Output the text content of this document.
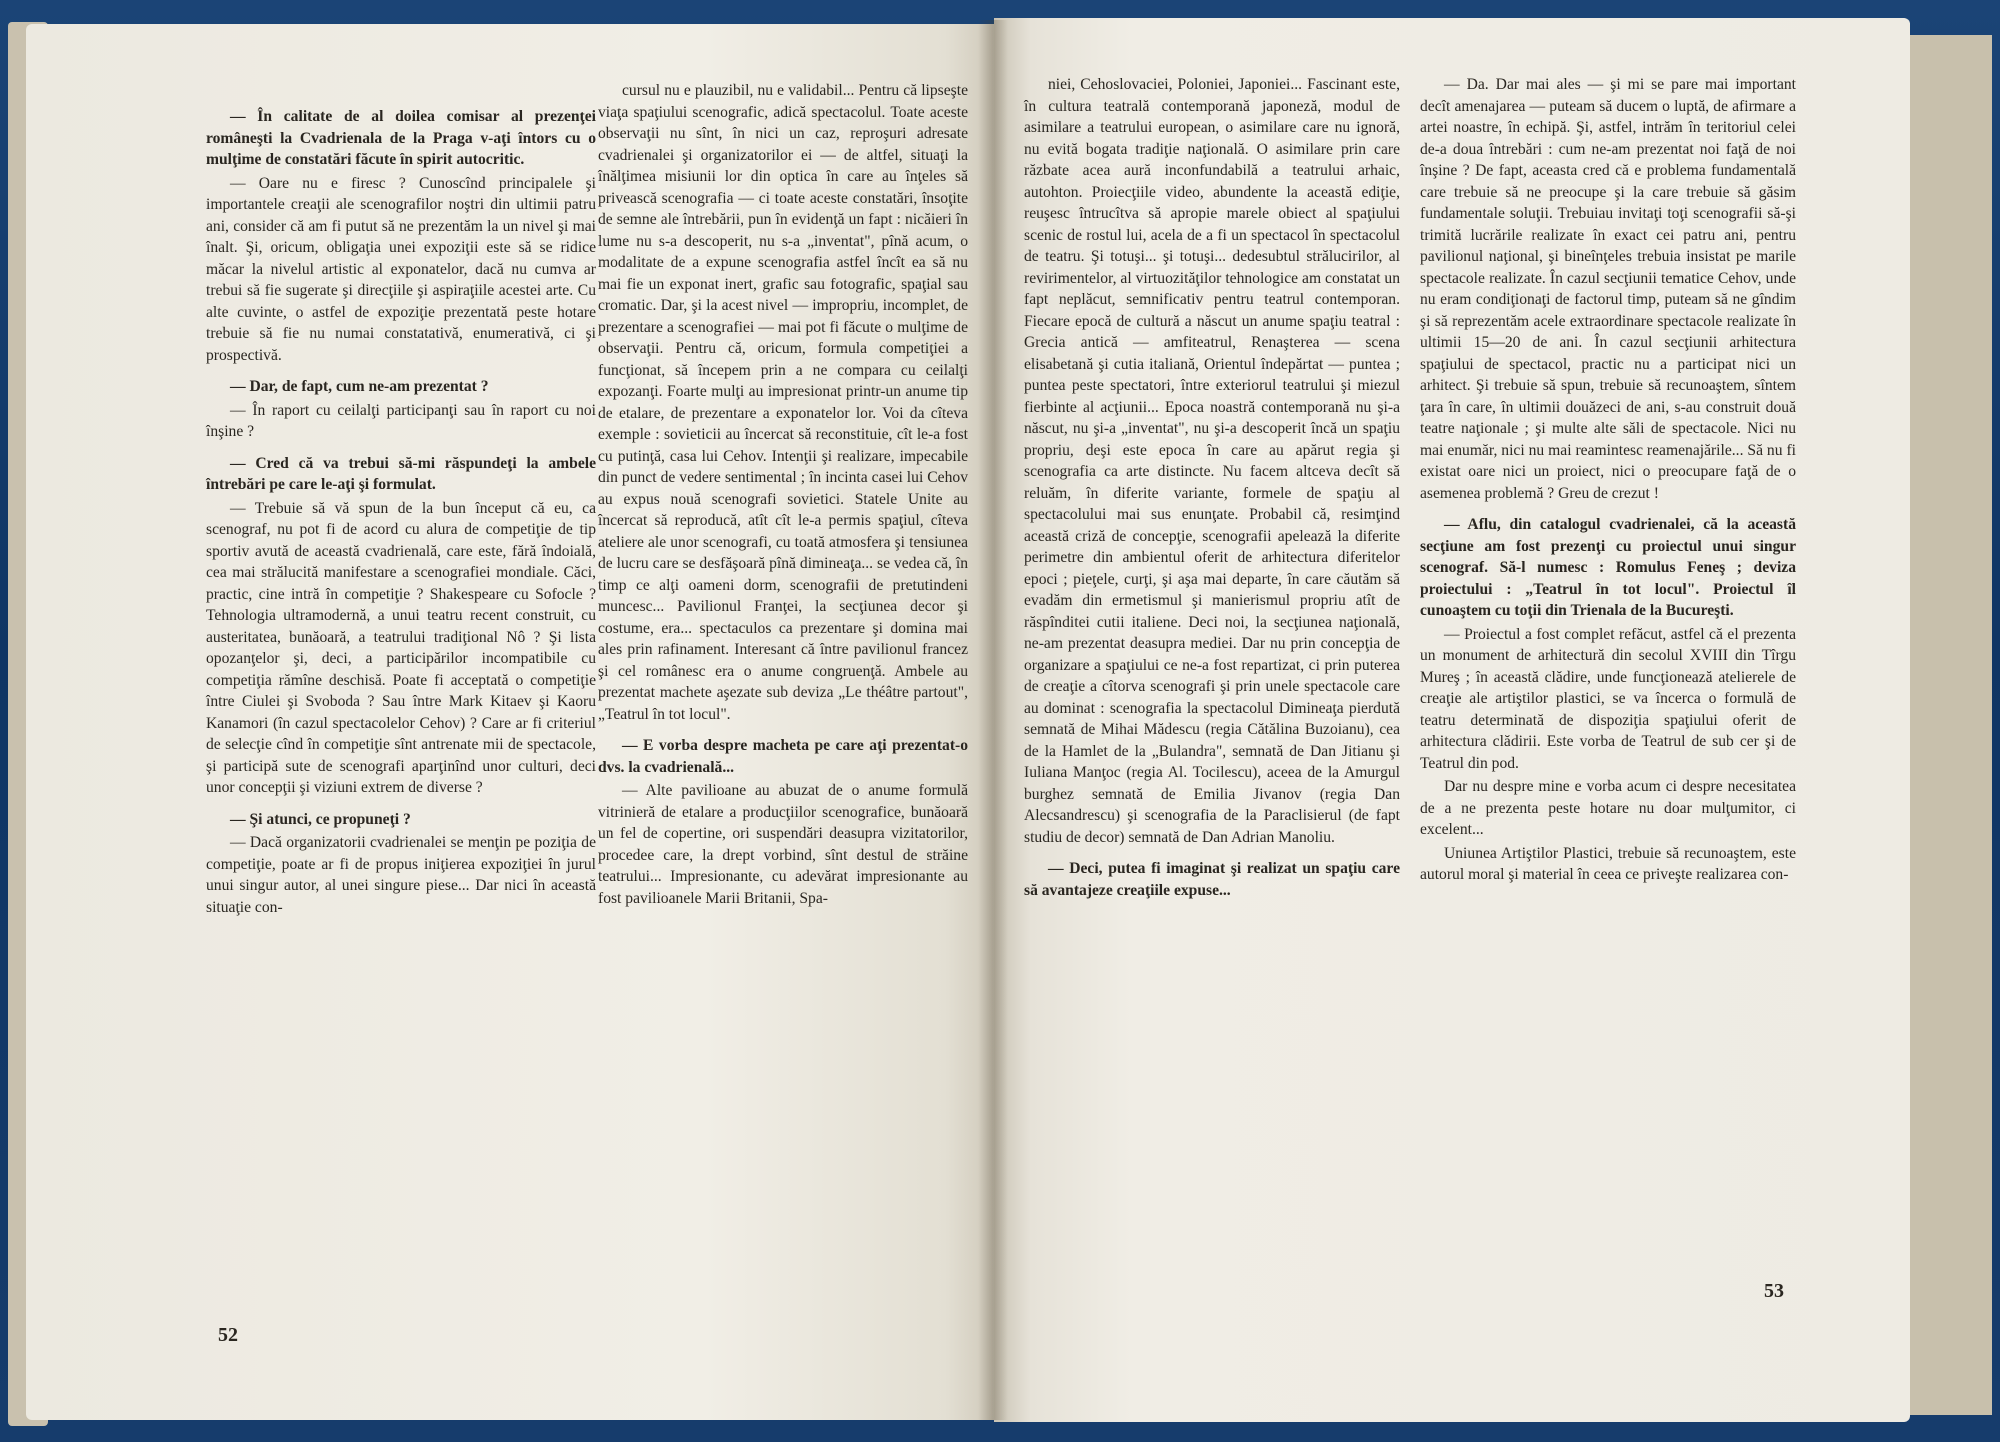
— În calitate de al doilea comisar al prezenţei româneşti la Cvadrienala de la Praga v-aţi întors cu o mulţime de constatări făcute în spirit autocritic.

— Oare nu e firesc ? Cunoscînd principalele şi importantele creaţii ale scenografilor noştri din ultimii patru ani, consider că am fi putut să ne prezentăm la un nivel şi mai înalt. Şi, oricum, obligaţia unei expoziţii este să se ridice măcar la nivelul artistic al exponatelor, dacă nu cumva ar trebui să fie sugerate şi direcţiile şi aspiraţiile acestei arte. Cu alte cuvinte, o astfel de expoziţie prezentată peste hotare trebuie să fie nu numai constatativă, enumerativă, ci şi prospectivă.

— Dar, de fapt, cum ne-am prezentat ?

— În raport cu ceilalţi participanţi sau în raport cu noi înşine ?

— Cred că va trebui să-mi răspundeţi la ambele întrebări pe care le-aţi şi formulat.

— Trebuie să vă spun de la bun început că eu, ca scenograf, nu pot fi de acord cu alura de competiţie de tip sportiv avută de această cvadrienală, care este, fără îndoială, cea mai strălucită manifestare a scenografiei mondiale. Căci, practic, cine intră în competiţie ? Shakespeare cu Sofocle ? Tehnologia ultramodernă, a unui teatru recent construit, cu austeritatea, bunăoară, a teatrului tradiţional Nô ? Şi lista opozanţelor şi, deci, a participărilor incompatibile cu competiţia rămîne deschisă. Poate fi acceptată o competiţie între Ciulei şi Svoboda ? Sau între Mark Kitaev şi Kaoru Kanamori (în cazul spectacolelor Cehov) ? Care ar fi criteriul de selecţie cînd în competiţie sînt antrenate mii de spectacole, şi participă sute de scenografi aparţinînd unor culturi, deci unor concepţii şi viziuni extrem de diverse ?

— Şi atunci, ce propuneţi ?

— Dacă organizatorii cvadrienalei se menţin pe poziţia de competiţie, poate ar fi de propus iniţierea expoziţiei în jurul unui singur autor, al unei singure piese... Dar nici în această situaţie con-

cursul nu e plauzibil, nu e validabil... Pentru că lipseşte viaţa spaţiului scenografic, adică spectacolul. Toate aceste observaţii nu sînt, în nici un caz, reproşuri adresate cvadrienalei şi organizatorilor ei — de altfel, situaţi la înălţimea misiunii lor din optica în care au înţeles să privească scenografia — ci toate aceste constatări, însoţite de semne ale întrebării, pun în evidenţă un fapt : nicăieri în lume nu s-a descoperit, nu s-a „inventat", pînă acum, o modalitate de a expune scenografia astfel încît ea să nu mai fie un exponat inert, grafic sau fotografic, spaţial sau cromatic. Dar, şi la acest nivel — impropriu, incomplet, de prezentare a scenografiei — mai pot fi făcute o mulţime de observaţii. Pentru că, oricum, formula competiţiei a funcţionat, să începem prin a ne compara cu ceilalţi expozanţi. Foarte mulţi au impresionat printr-un anume tip de etalare, de prezentare a exponatelor lor. Voi da cîteva exemple : sovieticii au încercat să reconstituie, cît le-a fost cu putinţă, casa lui Cehov. Intenţii şi realizare, impecabile din punct de vedere sentimental ; în incinta casei lui Cehov au expus nouă scenografi sovietici. Statele Unite au încercat să reproducă, atît cît le-a permis spaţiul, cîteva ateliere ale unor scenografi, cu toată atmosfera şi tensiunea de lucru care se desfăşoară pînă dimineaţa... se vedea că, în timp ce alţi oameni dorm, scenografii de pretutindeni muncesc... Pavilionul Franţei, la secţiunea decor şi costume, era... spectaculos ca prezentare şi domina mai ales prin rafinament. Interesant că între pavilionul francez şi cel românesc era o anume congruenţă. Ambele au prezentat machete aşezate sub deviza „Le théâtre partout", „Teatrul în tot locul".

— E vorba despre macheta pe care aţi prezentat-o dvs. la cvadrienală...

— Alte pavilioane au abuzat de o anume formulă vitrinieră de etalare a producţiilor scenografice, bunăoară un fel de copertine, ori suspendări deasupra vizitatorilor, procedee care, la drept vorbind, sînt destul de străine teatrului... Impresionante, cu adevărat impresionante au fost pavilioanele Marii Britanii, Spa-

52

niei, Cehoslovaciei, Poloniei, Japoniei... Fascinant este, în cultura teatrală contemporană japoneză, modul de asimilare a teatrului european, o asimilare care nu ignoră, nu evită bogata tradiţie naţională. O asimilare prin care răzbate acea aură inconfundabilă a teatrului arhaic, autohton. Proiecţiile video, abundente la această ediţie, reuşesc întrucîtva să apropie marele obiect al spaţiului scenic de rostul lui, acela de a fi un spectacol în spectacolul de teatru. Şi totuşi... şi totuşi... dedesubtul strălucirilor, al revirimentelor, al virtuozităţilor tehnologice am constatat un fapt neplăcut, semnificativ pentru teatrul contemporan. Fiecare epocă de cultură a născut un anume spaţiu teatral : Grecia antică — amfiteatrul, Renaşterea — scena elisabetană şi cutia italiană, Orientul îndepărtat — puntea ; puntea peste spectatori, între exteriorul teatrului şi miezul fierbinte al acţiunii... Epoca noastră contemporană nu şi-a născut, nu şi-a „inventat", nu şi-a descoperit încă un spaţiu propriu, deşi este epoca în care au apărut regia şi scenografia ca arte distincte. Nu facem altceva decît să reluăm, în diferite variante, formele de spaţiu al spectacolului mai sus enunţate. Probabil că, resimţind această criză de concepţie, scenografii apelează la diferite perimetre din ambientul oferit de arhitectura diferitelor epoci ; pieţele, curţi, şi aşa mai departe, în care căutăm să evadăm din ermetismul şi manierismul propriu atît de răspînditei cutii italiene. Deci noi, la secţiunea naţională, ne-am prezentat deasupra mediei. Dar nu prin concepţia de organizare a spaţiului ce ne-a fost repartizat, ci prin puterea de creaţie a cîtorva scenografi şi prin unele spectacole care au dominat : scenografia la spectacolul Dimineaţa pierdută semnată de Mihai Mădescu (regia Cătălina Buzoianu), cea de la Hamlet de la „Bulandra", semnată de Dan Jitianu şi Iuliana Manţoc (regia Al. Tocilescu), aceea de la Amurgul burghez semnată de Emilia Jivanov (regia Dan Alecsandrescu) şi scenografia de la Paraclisierul (de fapt studiu de decor) semnată de Dan Adrian Manoliu.

— Deci, putea fi imaginat şi realizat un spaţiu care să avantajeze creaţiile expuse...

— Da. Dar mai ales — şi mi se pare mai important decît amenajarea — puteam să ducem o luptă, de afirmare a artei noastre, în echipă. Şi, astfel, intrăm în teritoriul celei de-a doua întrebări : cum ne-am prezentat noi faţă de noi înşine ? De fapt, aceasta cred că e problema fundamentală care trebuie să ne preocupe şi la care trebuie să găsim fundamentale soluţii. Trebuiau invitaţi toţi scenografii să-şi trimită lucrările realizate în exact cei patru ani, pentru pavilionul naţional, şi bineînţeles trebuia insistat pe marile spectacole realizate. În cazul secţiunii tematice Cehov, unde nu eram condiţionaţi de factorul timp, puteam să ne gîndim şi să reprezentăm acele extraordinare spectacole realizate în ultimii 15—20 de ani. În cazul secţiunii arhitectura spaţiului de spectacol, practic nu a participat nici un arhitect. Şi trebuie să spun, trebuie să recunoaştem, sîntem ţara în care, în ultimii douăzeci de ani, s-au construit două teatre naţionale ; şi multe alte săli de spectacole. Nici nu mai enumăr, nici nu mai reamintesc reamenajările... Să nu fi existat oare nici un proiect, nici o preocupare faţă de o asemenea problemă ? Greu de crezut !

— Aflu, din catalogul cvadrienalei, că la această secţiune am fost prezenţi cu proiectul unui singur scenograf. Să-l numesc : Romulus Feneş ; deviza proiectului : „Teatrul în tot locul". Proiectul îl cunoaştem cu toţii din Trienala de la Bucureşti.

— Proiectul a fost complet refăcut, astfel că el prezenta un monument de arhitectură din secolul XVIII din Tîrgu Mureş ; în această clădire, unde funcţionează atelierele de creaţie ale artiştilor plastici, se va încerca o formulă de teatru determinată de dispoziţia spaţiului oferit de arhitectura clădirii. Este vorba de Teatrul de sub cer şi de Teatrul din pod.

Dar nu despre mine e vorba acum ci despre necesitatea de a ne prezenta peste hotare nu doar mulţumitor, ci excelent...

Uniunea Artiştilor Plastici, trebuie să recunoaştem, este autorul moral şi material în ceea ce priveşte realizarea con-

53
